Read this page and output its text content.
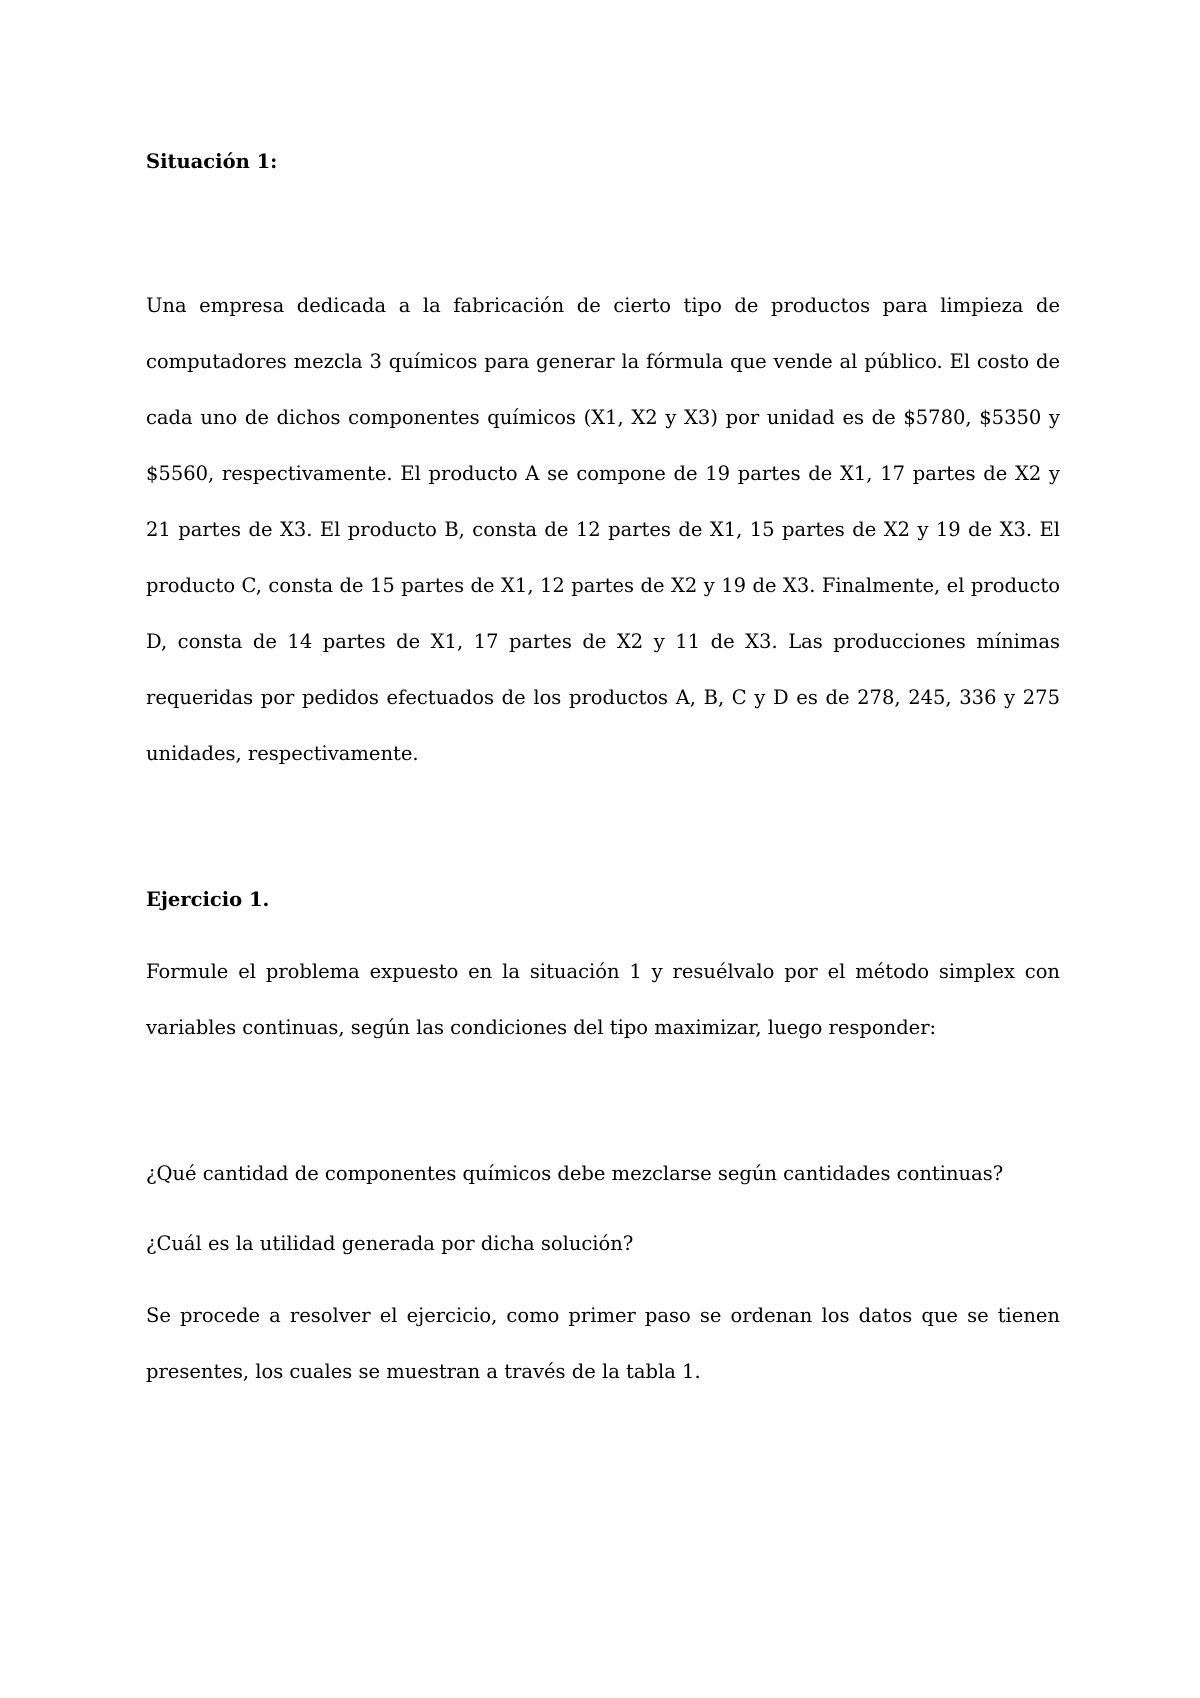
Situación 1:

Una empresa dedicada a la fabricación de cierto tipo de productos para limpieza de computadores mezcla 3 químicos para generar la fórmula que vende al público. El costo de cada uno de dichos componentes químicos (X1, X2 y X3) por unidad es de $5780, $5350 y $5560, respectivamente. El producto A se compone de 19 partes de X1, 17 partes de X2 y 21 partes de X3. El producto B, consta de 12 partes de X1, 15 partes de X2 y 19 de X3. El producto C, consta de 15 partes de X1, 12 partes de X2 y 19 de X3. Finalmente, el producto D, consta de 14 partes de X1, 17 partes de X2 y 11 de X3. Las producciones mínimas requeridas por pedidos efectuados de los productos A, B, C y D es de 278, 245, 336 y 275 unidades, respectivamente.

Ejercicio 1.

Formule el problema expuesto en la situación 1 y resuélvalo por el método simplex con variables continuas, según las condiciones del tipo maximizar, luego responder:

¿Qué cantidad de componentes químicos debe mezclarse según cantidades continuas?

¿Cuál es la utilidad generada por dicha solución?

Se procede a resolver el ejercicio, como primer paso se ordenan los datos que se tienen presentes, los cuales se muestran a través de la tabla 1.
